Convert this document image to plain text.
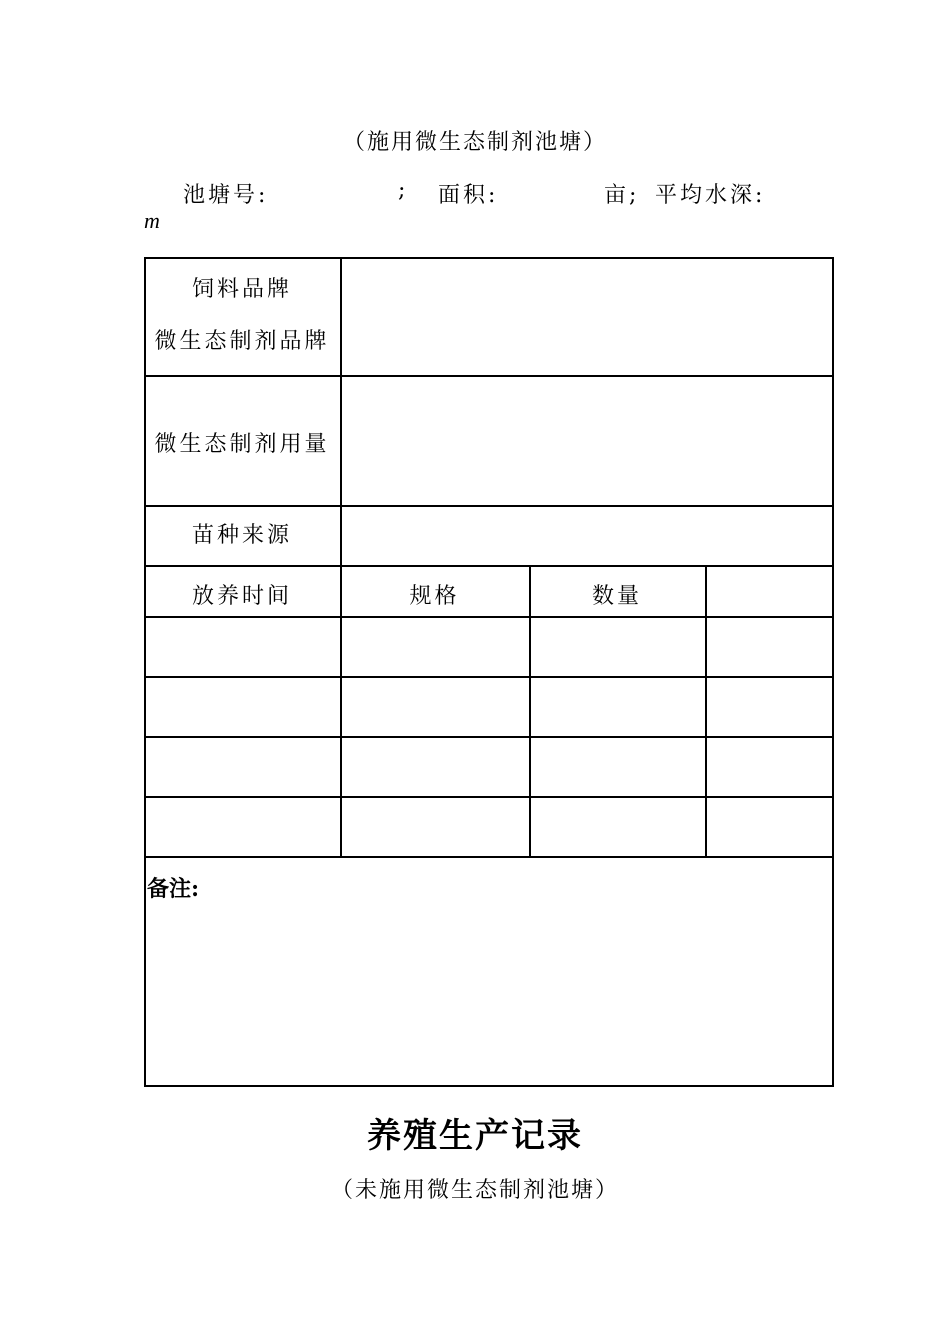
（施用微生态制剂池塘）
池塘号:	; 面积:	亩; 平均水深:
m
饲料品牌
微生态制剂品牌
微生态制剂用量
苗种来源
放养时间	规格	数量
备注:
养殖生产记录
（未施用微生态制剂池塘）
